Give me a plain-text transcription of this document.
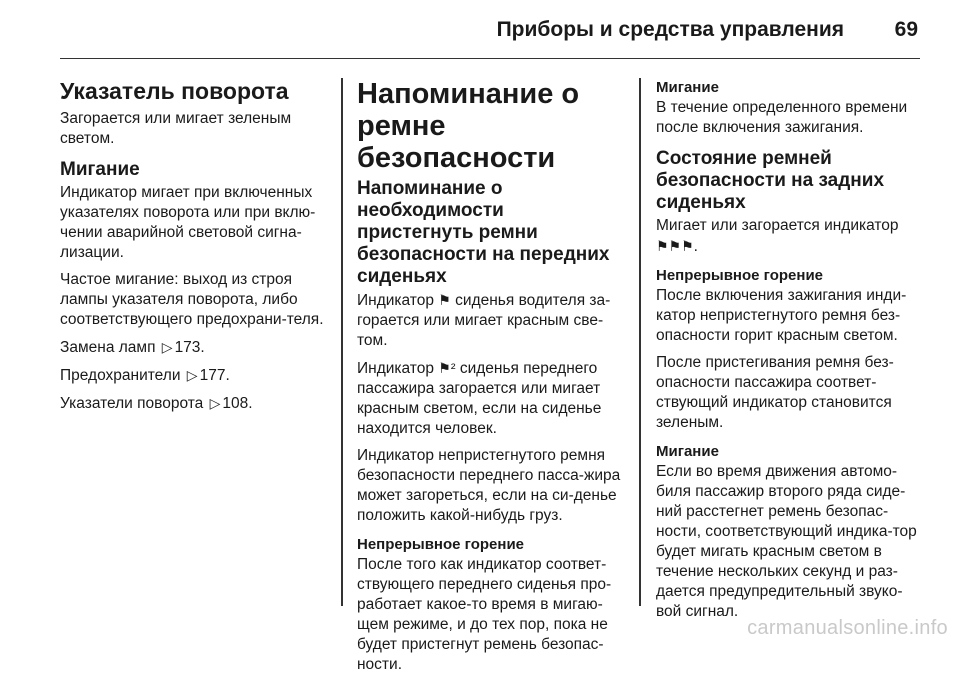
Приборы и средства управления 69
Указатель поворота

Загорается или мигает зеленым светом.

Мигание

Индикатор мигает при включенных указателях поворота или при вклю-чении аварийной световой сигна-лизации.

Частое мигание: выход из строя лампы указателя поворота, либо соответствующего предохрани-теля.

Замена ламп ▷ 173.

Предохранители ▷ 177.

Указатели поворота ▷ 108.

Напоминание о ремне безопасности
Напоминание о необходимости пристегнуть ремни безопасности на передних сиденьях

Индикатор ⚑ сиденья водителя за-горается или мигает красным све-том.

Индикатор ⚑² сиденья переднего пассажира загорается или мигает красным светом, если на сиденье находится человек.

Индикатор непристегнутого ремня безопасности переднего пасса-жира может загореться, если на си-денье положить какой-нибудь груз.

Непрерывное горение

После того как индикатор соответ-ствующего переднего сиденья про-работает какое-то время в мигаю-щем режиме, и до тех пор, пока не будет пристегнут ремень безопас-ности.

Мигание

В течение определенного времени после включения зажигания.

Состояние ремней безопасности на задних сиденьях

Мигает или загорается индикатор ⚑⚑⚑.

Непрерывное горение

После включения зажигания инди-катор непристегнутого ремня без-опасности горит красным светом.

После пристегивания ремня без-опасности пассажира соответ-ствующий индикатор становится зеленым.

Мигание

Если во время движения автомо-биля пассажир второго ряда сиде-ний расстегнет ремень безопас-ности, соответствующий индика-тор будет мигать красным светом в течение нескольких секунд и раз-дается предупредительный звуко-вой сигнал.

carmanualsonline.info
